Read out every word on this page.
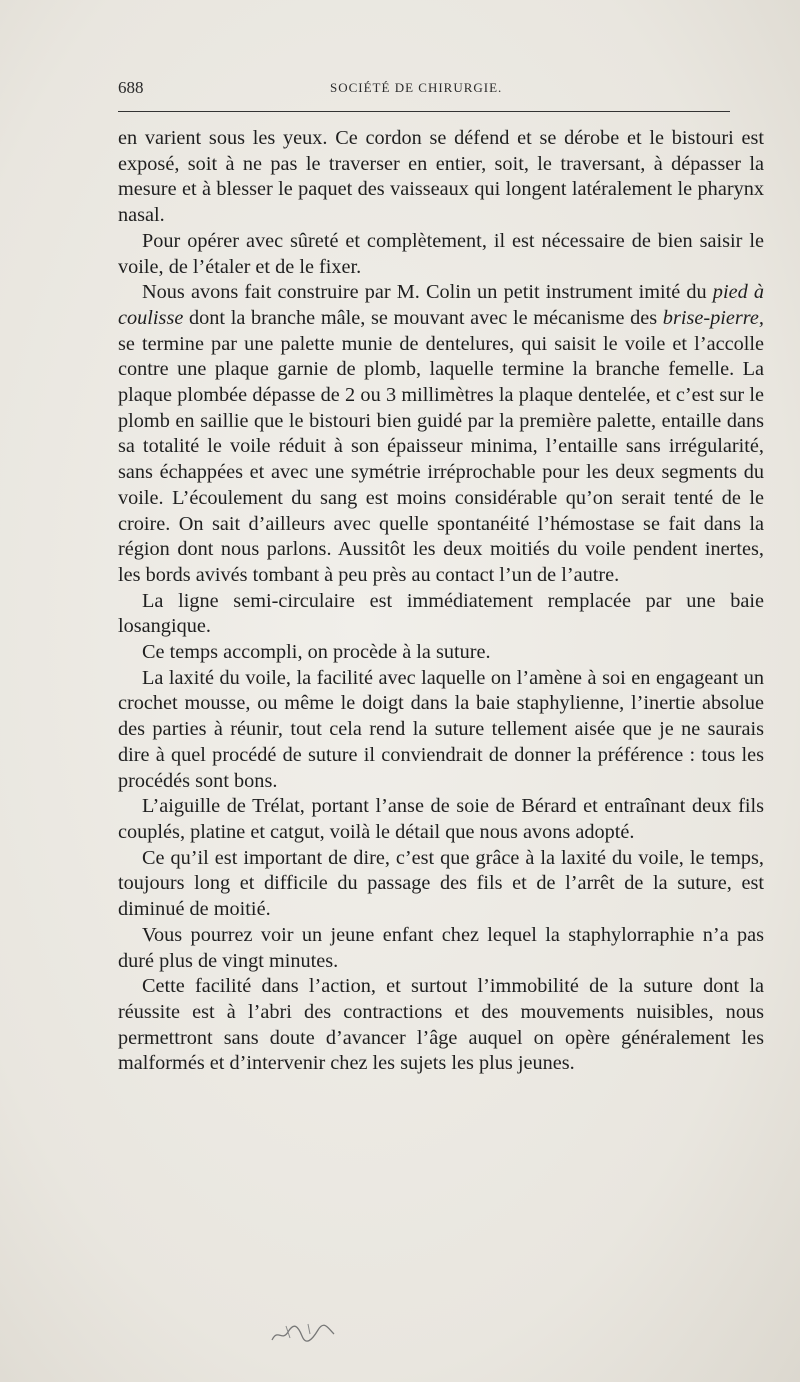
688	SOCIÉTÉ DE CHIRURGIE.

en varient sous les yeux. Ce cordon se défend et se dérobe et le bistouri est exposé, soit à ne pas le traverser en entier, soit, le traversant, à dépasser la mesure et à blesser le paquet des vaisseaux qui longent latéralement le pharynx nasal.

Pour opérer avec sûreté et complètement, il est nécessaire de bien saisir le voile, de l’étaler et de le fixer.

Nous avons fait construire par M. Colin un petit instrument imité du pied à coulisse dont la branche mâle, se mouvant avec le mécanisme des brise-pierre, se termine par une palette munie de dentelures, qui saisit le voile et l’accolle contre une plaque garnie de plomb, laquelle termine la branche femelle. La plaque plombée dépasse de 2 ou 3 millimètres la plaque dentelée, et c’est sur le plomb en saillie que le bistouri bien guidé par la première palette, entaille dans sa totalité le voile réduit à son épaisseur minima, l’entaille sans irrégularité, sans échappées et avec une symétrie irréprochable pour les deux segments du voile. L’écoulement du sang est moins considérable qu’on serait tenté de le croire. On sait d’ailleurs avec quelle spontanéité l’hémostase se fait dans la région dont nous parlons. Aussitôt les deux moitiés du voile pendent inertes, les bords avivés tombant à peu près au contact l’un de l’autre.

La ligne semi-circulaire est immédiatement remplacée par une baie losangique.

Ce temps accompli, on procède à la suture.

La laxité du voile, la facilité avec laquelle on l’amène à soi en engageant un crochet mousse, ou même le doigt dans la baie staphylienne, l’inertie absolue des parties à réunir, tout cela rend la suture tellement aisée que je ne saurais dire à quel procédé de suture il conviendrait de donner la préférence : tous les procédés sont bons.

L’aiguille de Trélat, portant l’anse de soie de Bérard et entraînant deux fils couplés, platine et catgut, voilà le détail que nous avons adopté.

Ce qu’il est important de dire, c’est que grâce à la laxité du voile, le temps, toujours long et difficile du passage des fils et de l’arrêt de la suture, est diminué de moitié.

Vous pourrez voir un jeune enfant chez lequel la staphylorraphie n’a pas duré plus de vingt minutes.

Cette facilité dans l’action, et surtout l’immobilité de la suture dont la réussite est à l’abri des contractions et des mouvements nuisibles, nous permettront sans doute d’avancer l’âge auquel on opère généralement les malformés et d’intervenir chez les sujets les plus jeunes.
